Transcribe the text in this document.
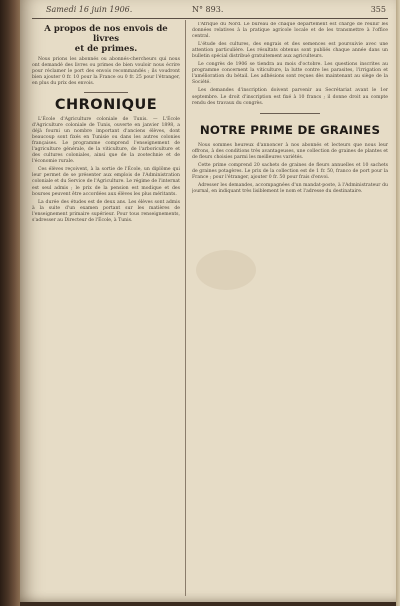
Samedi 16 juin 1906.	N° 893.	355
A propos de nos envois de livres
et de primes.

Nous prions les abonnés ou abonnés-chercheurs qui nous ont demandé des livres ou primes de bien vouloir nous écrire pour réclamer le port des envois recommandés ; ils voudront bien ajouter 0 fr. 10 pour la France ou 0 fr. 25 pour l'étranger, en plus du prix des envois.

CHRONIQUE

L'École d'Agriculture coloniale de Tunis. — L'École d'Agriculture coloniale de Tunis, ouverte en janvier 1898, a déjà fourni un nombre important d'anciens élèves, dont beaucoup sont fixés en Tunisie ou dans les autres colonies françaises. Le programme comprend l'enseignement de l'agriculture générale, de la viticulture, de l'arboriculture et des cultures coloniales, ainsi que de la zootechnie et de l'économie rurale.

Ces élèves reçoivent, à la sortie de l'École, un diplôme qui leur permet de se présenter aux emplois de l'Administration coloniale et du Service de l'Agriculture. Le régime de l'internat est seul admis ; le prix de la pension est modique et des bourses peuvent être accordées aux élèves les plus méritants.

La durée des études est de deux ans. Les élèves sont admis à la suite d'un examen portant sur les matières de l'enseignement primaire supérieur. Pour tous renseignements, s'adresser au Directeur de l'École, à Tunis.

l'Afrique du Nord. Le bureau de chaque département est chargé de réunir les données relatives à la pratique agricole locale et de les transmettre à l'office central.

L'étude des cultures, des engrais et des semences est poursuivie avec une attention particulière. Les résultats obtenus sont publiés chaque année dans un bulletin spécial distribué gratuitement aux agriculteurs.

Le congrès de 1906 se tiendra au mois d'octobre. Les questions inscrites au programme concernent la viticulture, la lutte contre les parasites, l'irrigation et l'amélioration du bétail. Les adhésions sont reçues dès maintenant au siège de la Société.

Les demandes d'inscription doivent parvenir au Secrétariat avant le 1er septembre. Le droit d'inscription est fixé à 10 francs ; il donne droit au compte rendu des travaux du congrès.

NOTRE PRIME DE GRAINES

Nous sommes heureux d'annoncer à nos abonnés et lecteurs que nous leur offrons, à des conditions très avantageuses, une collection de graines de plantes et de fleurs choisies parmi les meilleures variétés.

Cette prime comprend 20 sachets de graines de fleurs annuelles et 10 sachets de graines potagères. Le prix de la collection est de 1 fr. 50, franco de port pour la France ; pour l'étranger, ajouter 0 fr. 50 pour frais d'envoi.

Adresser les demandes, accompagnées d'un mandat-poste, à l'Administrateur du journal, en indiquant très lisiblement le nom et l'adresse du destinataire.
